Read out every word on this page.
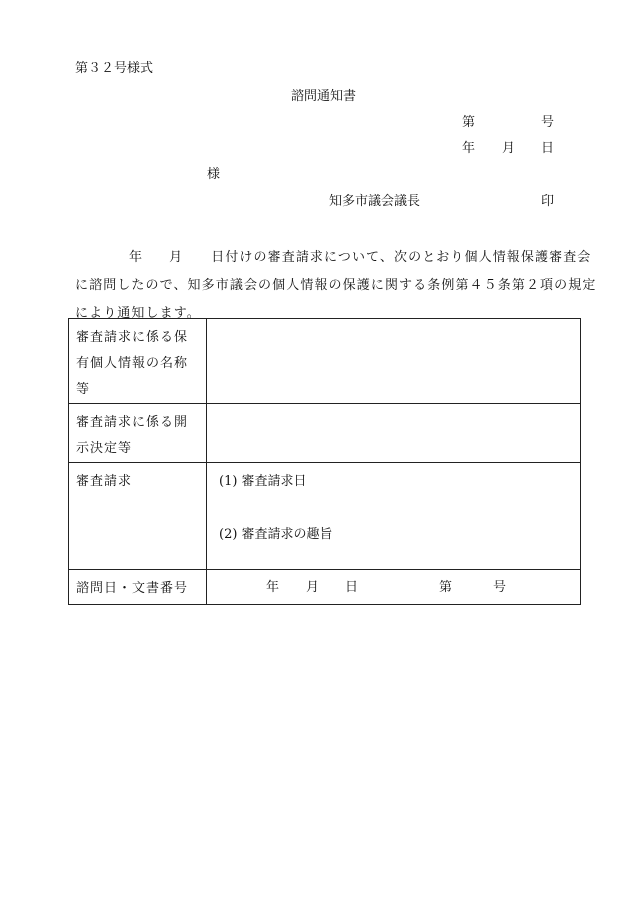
第３２号様式
諮問通知書
第	号
年 月 日
様
知多市議会議長	印
年 月 日付けの審査請求について、次のとおり個人情報保護審査会
に諮問したので、知多市議会の個人情報の保護に関する条例第４５条第２項の規定
により通知します。
審査請求に係る保有個人情報の名称等	
審査請求に係る開示決定等	
審査請求	(1) 審査請求日
(2) 審査請求の趣旨

諮問日・文書番号	年 月 日 第 号
